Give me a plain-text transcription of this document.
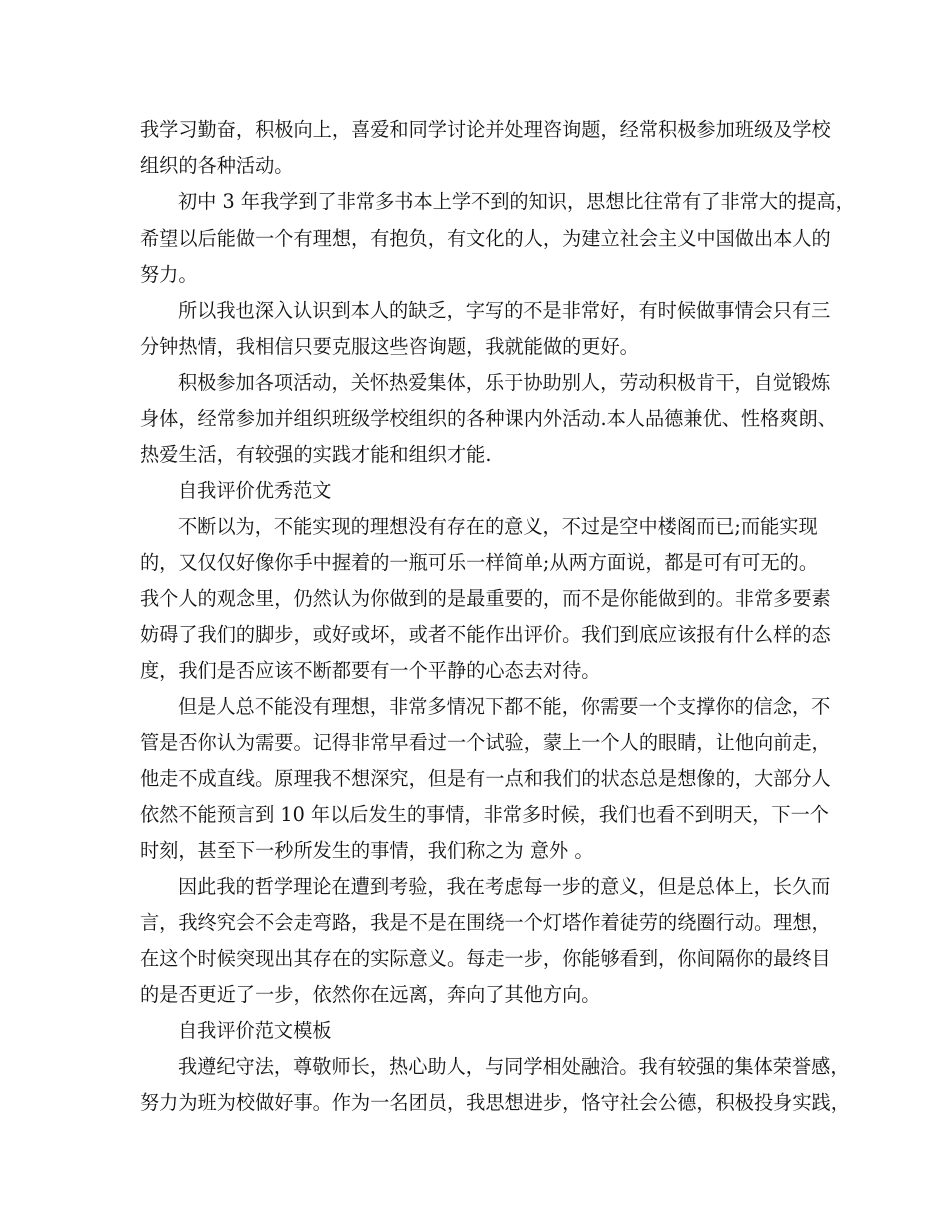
我学习勤奋，积极向上，喜爱和同学讨论并处理咨询题，经常积极参加班级及学校

组织的各种活动。

初中 3 年我学到了非常多书本上学不到的知识，思想比往常有了非常大的提高，

希望以后能做一个有理想，有抱负，有文化的人，为建立社会主义中国做出本人的

努力。

所以我也深入认识到本人的缺乏，字写的不是非常好，有时候做事情会只有三

分钟热情，我相信只要克服这些咨询题，我就能做的更好。

积极参加各项活动，关怀热爱集体，乐于协助别人，劳动积极肯干，自觉锻炼

身体，经常参加并组织班级学校组织的各种课内外活动.本人品德兼优、性格爽朗、

热爱生活，有较强的实践才能和组织才能.

自我评价优秀范文

不断以为，不能实现的理想没有存在的意义，不过是空中楼阁而已;而能实现

的，又仅仅好像你手中握着的一瓶可乐一样简单;从两方面说，都是可有可无的。

我个人的观念里，仍然认为你做到的是最重要的，而不是你能做到的。非常多要素

妨碍了我们的脚步，或好或坏，或者不能作出评价。我们到底应该报有什么样的态

度，我们是否应该不断都要有一个平静的心态去对待。

但是人总不能没有理想，非常多情况下都不能，你需要一个支撑你的信念，不

管是否你认为需要。记得非常早看过一个试验，蒙上一个人的眼睛，让他向前走，

他走不成直线。原理我不想深究，但是有一点和我们的状态总是想像的，大部分人

依然不能预言到 10 年以后发生的事情，非常多时候，我们也看不到明天，下一个

时刻，甚至下一秒所发生的事情，我们称之为 意外 。

因此我的哲学理论在遭到考验，我在考虑每一步的意义，但是总体上，长久而

言，我终究会不会走弯路，我是不是在围绕一个灯塔作着徒劳的绕圈行动。理想，

在这个时候突现出其存在的实际意义。每走一步，你能够看到，你间隔你的最终目

的是否更近了一步，依然你在远离，奔向了其他方向。

自我评价范文模板

我遵纪守法，尊敬师长，热心助人，与同学相处融洽。我有较强的集体荣誉感，

努力为班为校做好事。作为一名团员，我思想进步，恪守社会公德，积极投身实践，
